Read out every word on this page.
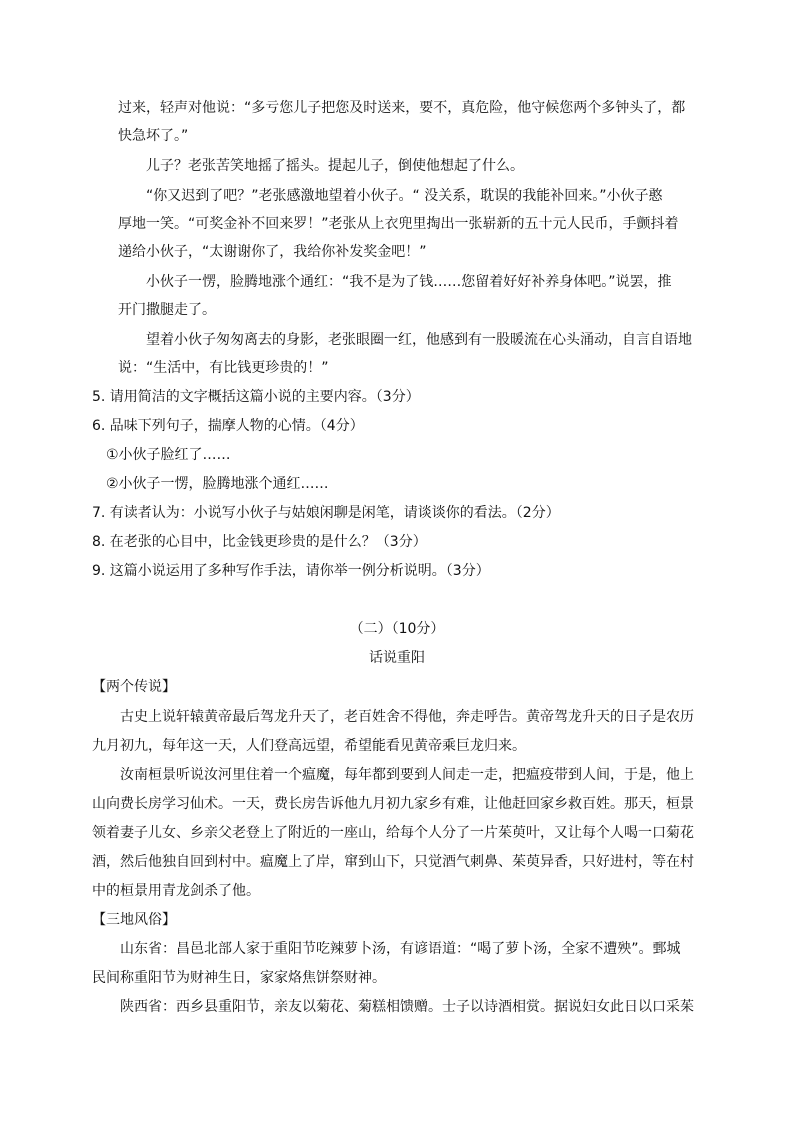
过来，轻声对他说：“多亏您儿子把您及时送来，要不，真危险，他守候您两个多钟头了，都
快急坏了。”
儿子？老张苦笑地摇了摇头。提起儿子，倒使他想起了什么。
“你又迟到了吧？”老张感激地望着小伙子。“ 没关系，耽误的我能补回来。”小伙子憨
厚地一笑。“可奖金补不回来罗！”老张从上衣兜里掏出一张崭新的五十元人民币，手颤抖着
递给小伙子，“太谢谢你了，我给你补发奖金吧！”
小伙子一愣，脸腾地涨个通红：“我不是为了钱……您留着好好补养身体吧。”说罢，推
开门撒腿走了。
望着小伙子匆匆离去的身影，老张眼圈一红，他感到有一股暖流在心头涌动，自言自语地
说：“生活中，有比钱更珍贵的！”
5. 请用简洁的文字概括这篇小说的主要内容。（3分）
6. 品味下列句子，揣摩人物的心情。（4分）
①小伙子脸红了……
②小伙子一愣，脸腾地涨个通红……
7. 有读者认为：小说写小伙子与姑娘闲聊是闲笔，请谈谈你的看法。（2分）
8. 在老张的心目中，比金钱更珍贵的是什么？（3分）
9. 这篇小说运用了多种写作手法，请你举一例分析说明。（3分）
（二）（10分）
话说重阳
【两个传说】
古史上说轩辕黄帝最后驾龙升天了，老百姓舍不得他，奔走呼告。黄帝驾龙升天的日子是农历
九月初九，每年这一天，人们登高远望，希望能看见黄帝乘巨龙归来。
汝南桓景听说汝河里住着一个瘟魔，每年都到要到人间走一走，把瘟疫带到人间，于是，他上
山向费长房学习仙术。一天，费长房告诉他九月初九家乡有难，让他赶回家乡救百姓。那天，桓景
领着妻子儿女、乡亲父老登上了附近的一座山，给每个人分了一片茱萸叶，又让每个人喝一口菊花
酒，然后他独自回到村中。瘟魔上了岸，窜到山下，只觉酒气刺鼻、茱萸异香，只好进村，等在村
中的桓景用青龙剑杀了他。
【三地风俗】
山东省：昌邑北部人家于重阳节吃辣萝卜汤，有谚语道：“喝了萝卜汤，全家不遭殃”。鄄城
民间称重阳节为财神生日，家家烙焦饼祭财神。
陕西省：西乡县重阳节，亲友以菊花、菊糕相馈赠。士子以诗酒相赏。据说妇女此日以口采茱
